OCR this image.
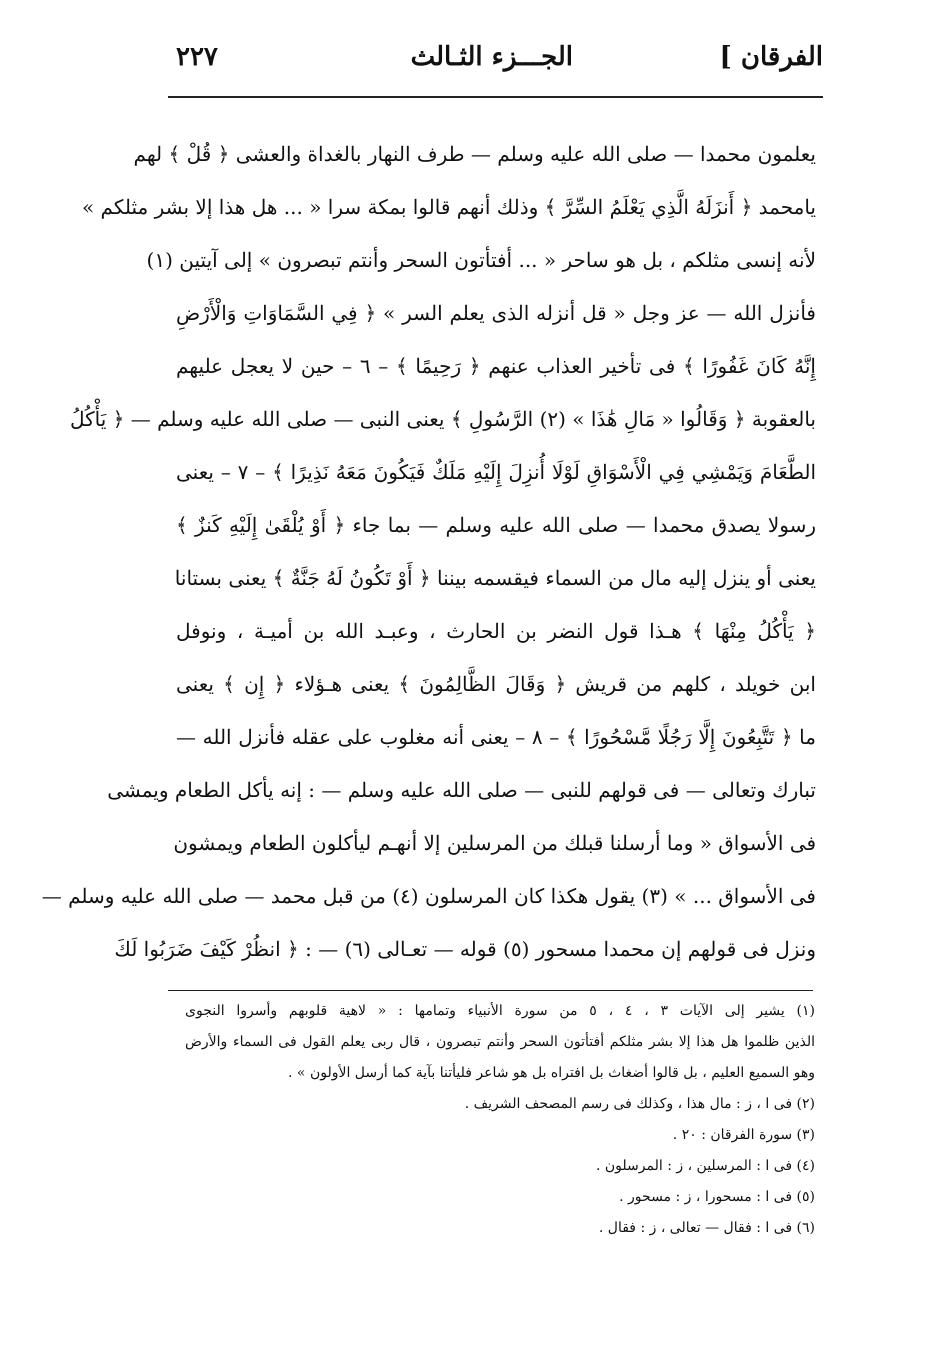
الفرقان ]
الجـــزء الثـالث
٢٢٧
يعلمون محمدا — صلى الله عليه وسلم — طرف النهار بالغداة والعشى ﴿ قُلْ ﴾ لهم
يامحمد ﴿ أَنزَلَهُ الَّذِي يَعْلَمُ السِّرَّ ﴾ وذلك أنهم قالوا بمكة سرا « ... هل هذا إلا بشر مثلكم »
لأنه إنسى مثلكم ، بل هو ساحر « ... أفتأتون السحر وأنتم تبصرون » إلى آيتين (١)
فأنزل الله — عز وجل « قل أنزله الذى يعلم السر » ﴿ فِي السَّمَاوَاتِ وَالْأَرْضِ
إِنَّهُ كَانَ غَفُورًا ﴾ فى تأخير العذاب عنهم ﴿ رَحِيمًا ﴾ – ٦ – حين لا يعجل عليهم
بالعقوبة ﴿ وَقَالُوا « مَالِ هَٰذَا » (٢) الرَّسُولِ ﴾ يعنى النبى — صلى الله عليه وسلم — ﴿ يَأْكُلُ
الطَّعَامَ وَيَمْشِي فِي الْأَسْوَاقِ لَوْلَا أُنزِلَ إِلَيْهِ مَلَكٌ فَيَكُونَ مَعَهُ نَذِيرًا ﴾ – ٧ – يعنى
رسولا يصدق محمدا — صلى الله عليه وسلم — بما جاء ﴿ أَوْ يُلْقَىٰ إِلَيْهِ كَنزٌ ﴾
يعنى أو ينزل إليه مال من السماء فيقسمه بيننا ﴿ أَوْ تَكُونُ لَهُ جَنَّةٌ ﴾ يعنى بستانا
﴿ يَأْكُلُ مِنْهَا ﴾ هـذا قول النضر بن الحارث ، وعبـد الله بن أميـة ، ونوفل
ابن خويلد ، كلهم من قريش ﴿ وَقَالَ الظَّالِمُونَ ﴾ يعنى هـؤلاء ﴿ إِن ﴾ يعنى
ما ﴿ تَتَّبِعُونَ إِلَّا رَجُلًا مَّسْحُورًا ﴾ – ٨ – يعنى أنه مغلوب على عقله فأنزل الله —
تبارك وتعالى — فى قولهم للنبى — صلى الله عليه وسلم — : إنه يأكل الطعام ويمشى
فى الأسواق « وما أرسلنا قبلك من المرسلين إلا أنهـم ليأكلون الطعام ويمشون
فى الأسواق ... » (٣) يقول هكذا كان المرسلون (٤) من قبل محمد — صلى الله عليه وسلم —
ونزل فى قولهم إن محمدا مسحور (٥) قوله — تعـالى (٦) — : ﴿ انظُرْ كَيْفَ ضَرَبُوا لَكَ
(١) يشير إلى الآيات ٣ ، ٤ ، ٥ من سورة الأنبياء وتمامها : « لاهية قلوبهم وأسروا النجوى
الذين ظلموا هل هذا إلا بشر مثلكم أفتأتون السحر وأنتم تبصرون ، قال ربى يعلم القول فى السماء والأرض
وهو السميع العليم ، بل قالوا أضغاث بل افتراه بل هو شاعر فليأتنا بآية كما أرسل الأولون » .
(٢) فى ا ، ز : مال هذا ، وكذلك فى رسم المصحف الشريف .
(٣) سورة الفرقان : ٢٠ .
(٤) فى ا : المرسلين ، ز : المرسلون .
(٥) فى ا : مسحورا ، ز : مسحور .
(٦) فى ا : فقال — تعالى ، ز : فقال .
